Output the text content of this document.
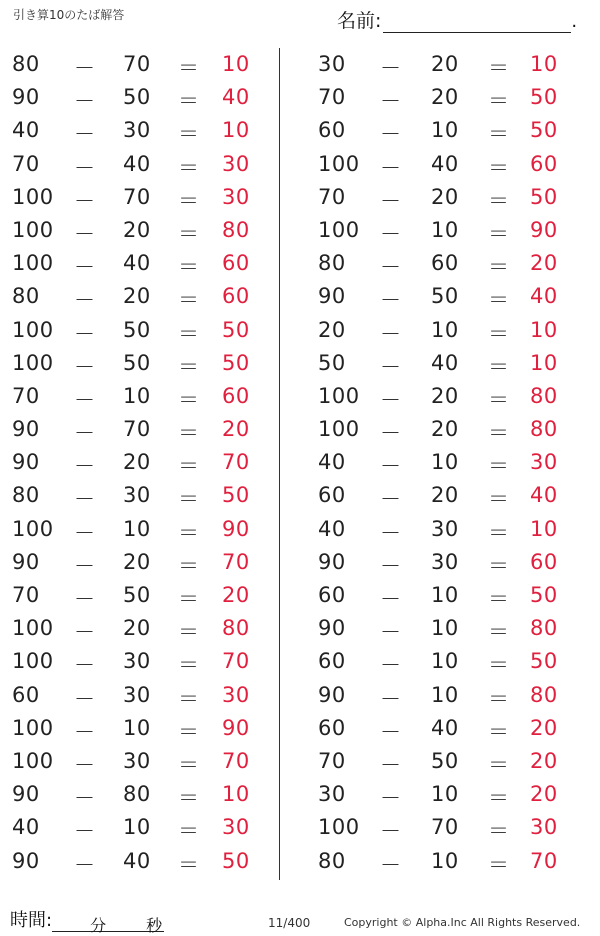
引き算10のたば解答	名前:	.
80 － 70 ＝ 10
90 － 50 ＝ 40
40 － 30 ＝ 10
70 － 40 ＝ 30
100 － 70 ＝ 30
100 － 20 ＝ 80
100 － 40 ＝ 60
80 － 20 ＝ 60
100 － 50 ＝ 50
100 － 50 ＝ 50
70 － 10 ＝ 60
90 － 70 ＝ 20
90 － 20 ＝ 70
80 － 30 ＝ 50
100 － 10 ＝ 90
90 － 20 ＝ 70
70 － 50 ＝ 20
100 － 20 ＝ 80
100 － 30 ＝ 70
60 － 30 ＝ 30
100 － 10 ＝ 90
100 － 30 ＝ 70
90 － 80 ＝ 10
40 － 10 ＝ 30
90 － 40 ＝ 50
30 － 20 ＝ 10
70 － 20 ＝ 50
60 － 10 ＝ 50
100 － 40 ＝ 60
70 － 20 ＝ 50
100 － 10 ＝ 90
80 － 60 ＝ 20
90 － 50 ＝ 40
20 － 10 ＝ 10
50 － 40 ＝ 10
100 － 20 ＝ 80
100 － 20 ＝ 80
40 － 10 ＝ 30
60 － 20 ＝ 40
40 － 30 ＝ 10
90 － 30 ＝ 60
60 － 10 ＝ 50
90 － 10 ＝ 80
60 － 10 ＝ 50
90 － 10 ＝ 80
60 － 40 ＝ 20
70 － 50 ＝ 20
30 － 10 ＝ 20
100 － 70 ＝ 30
80 － 10 ＝ 70
時間: 分 秒	11/400	Copyright © Alpha.Inc All Rights Reserved.
